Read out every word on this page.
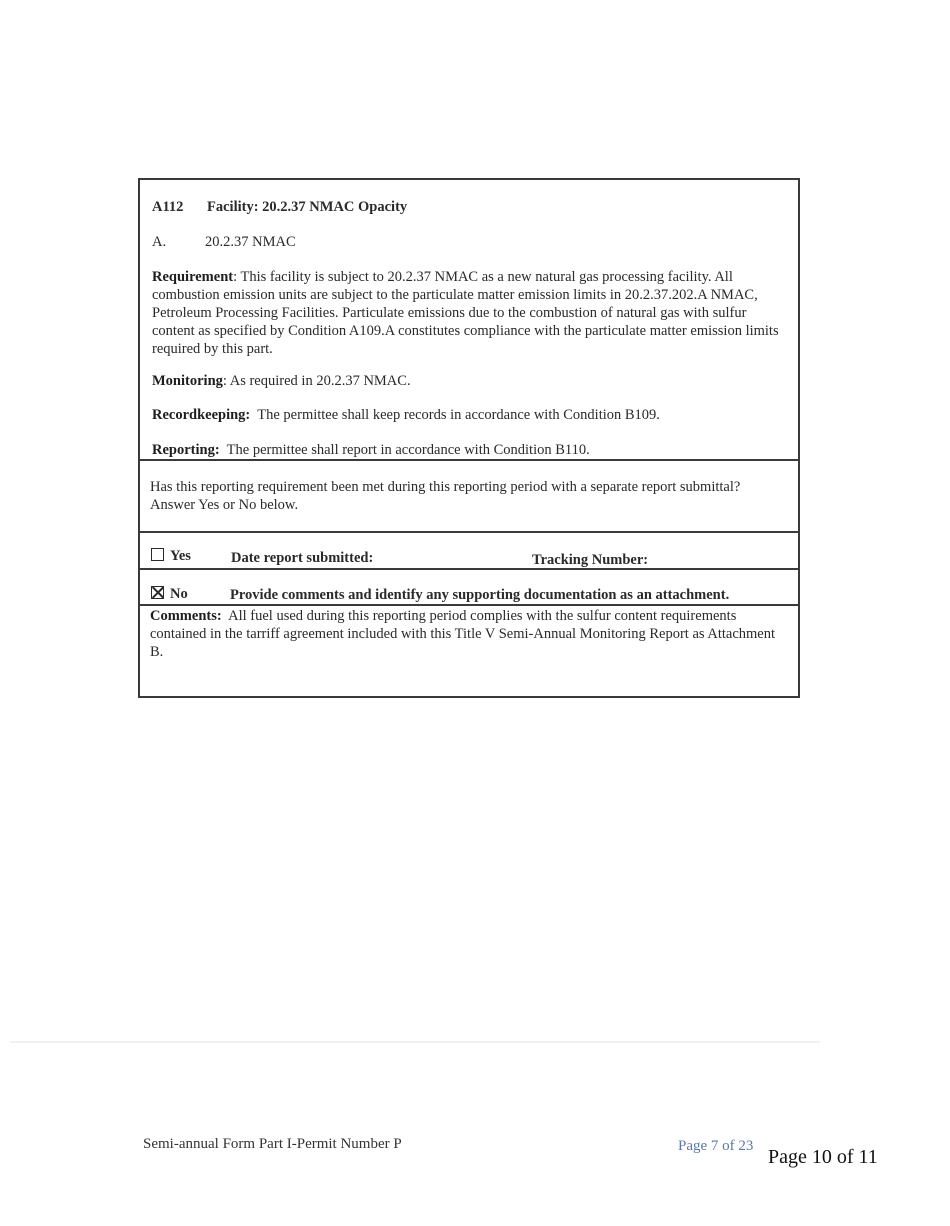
A112 Facility: 20.2.37 NMAC Opacity
A.	20.2.37 NMAC
Requirement: This facility is subject to 20.2.37 NMAC as a new natural gas processing facility. All combustion emission units are subject to the particulate matter emission limits in 20.2.37.202.A NMAC, Petroleum Processing Facilities. Particulate emissions due to the combustion of natural gas with sulfur content as specified by Condition A109.A constitutes compliance with the particulate matter emission limits required by this part.
Monitoring: As required in 20.2.37 NMAC.
Recordkeeping: The permittee shall keep records in accordance with Condition B109.
Reporting: The permittee shall report in accordance with Condition B110.
Has this reporting requirement been met during this reporting period with a separate report submittal? Answer Yes or No below.
Yes	Date report submitted:	Tracking Number:
No	Provide comments and identify any supporting documentation as an attachment.
Comments: All fuel used during this reporting period complies with the sulfur content requirements contained in the tarriff agreement included with this Title V Semi-Annual Monitoring Report as Attachment B.
Semi-annual Form Part I-Permit Number P	Page 7 of 23 Page 10 of 11
